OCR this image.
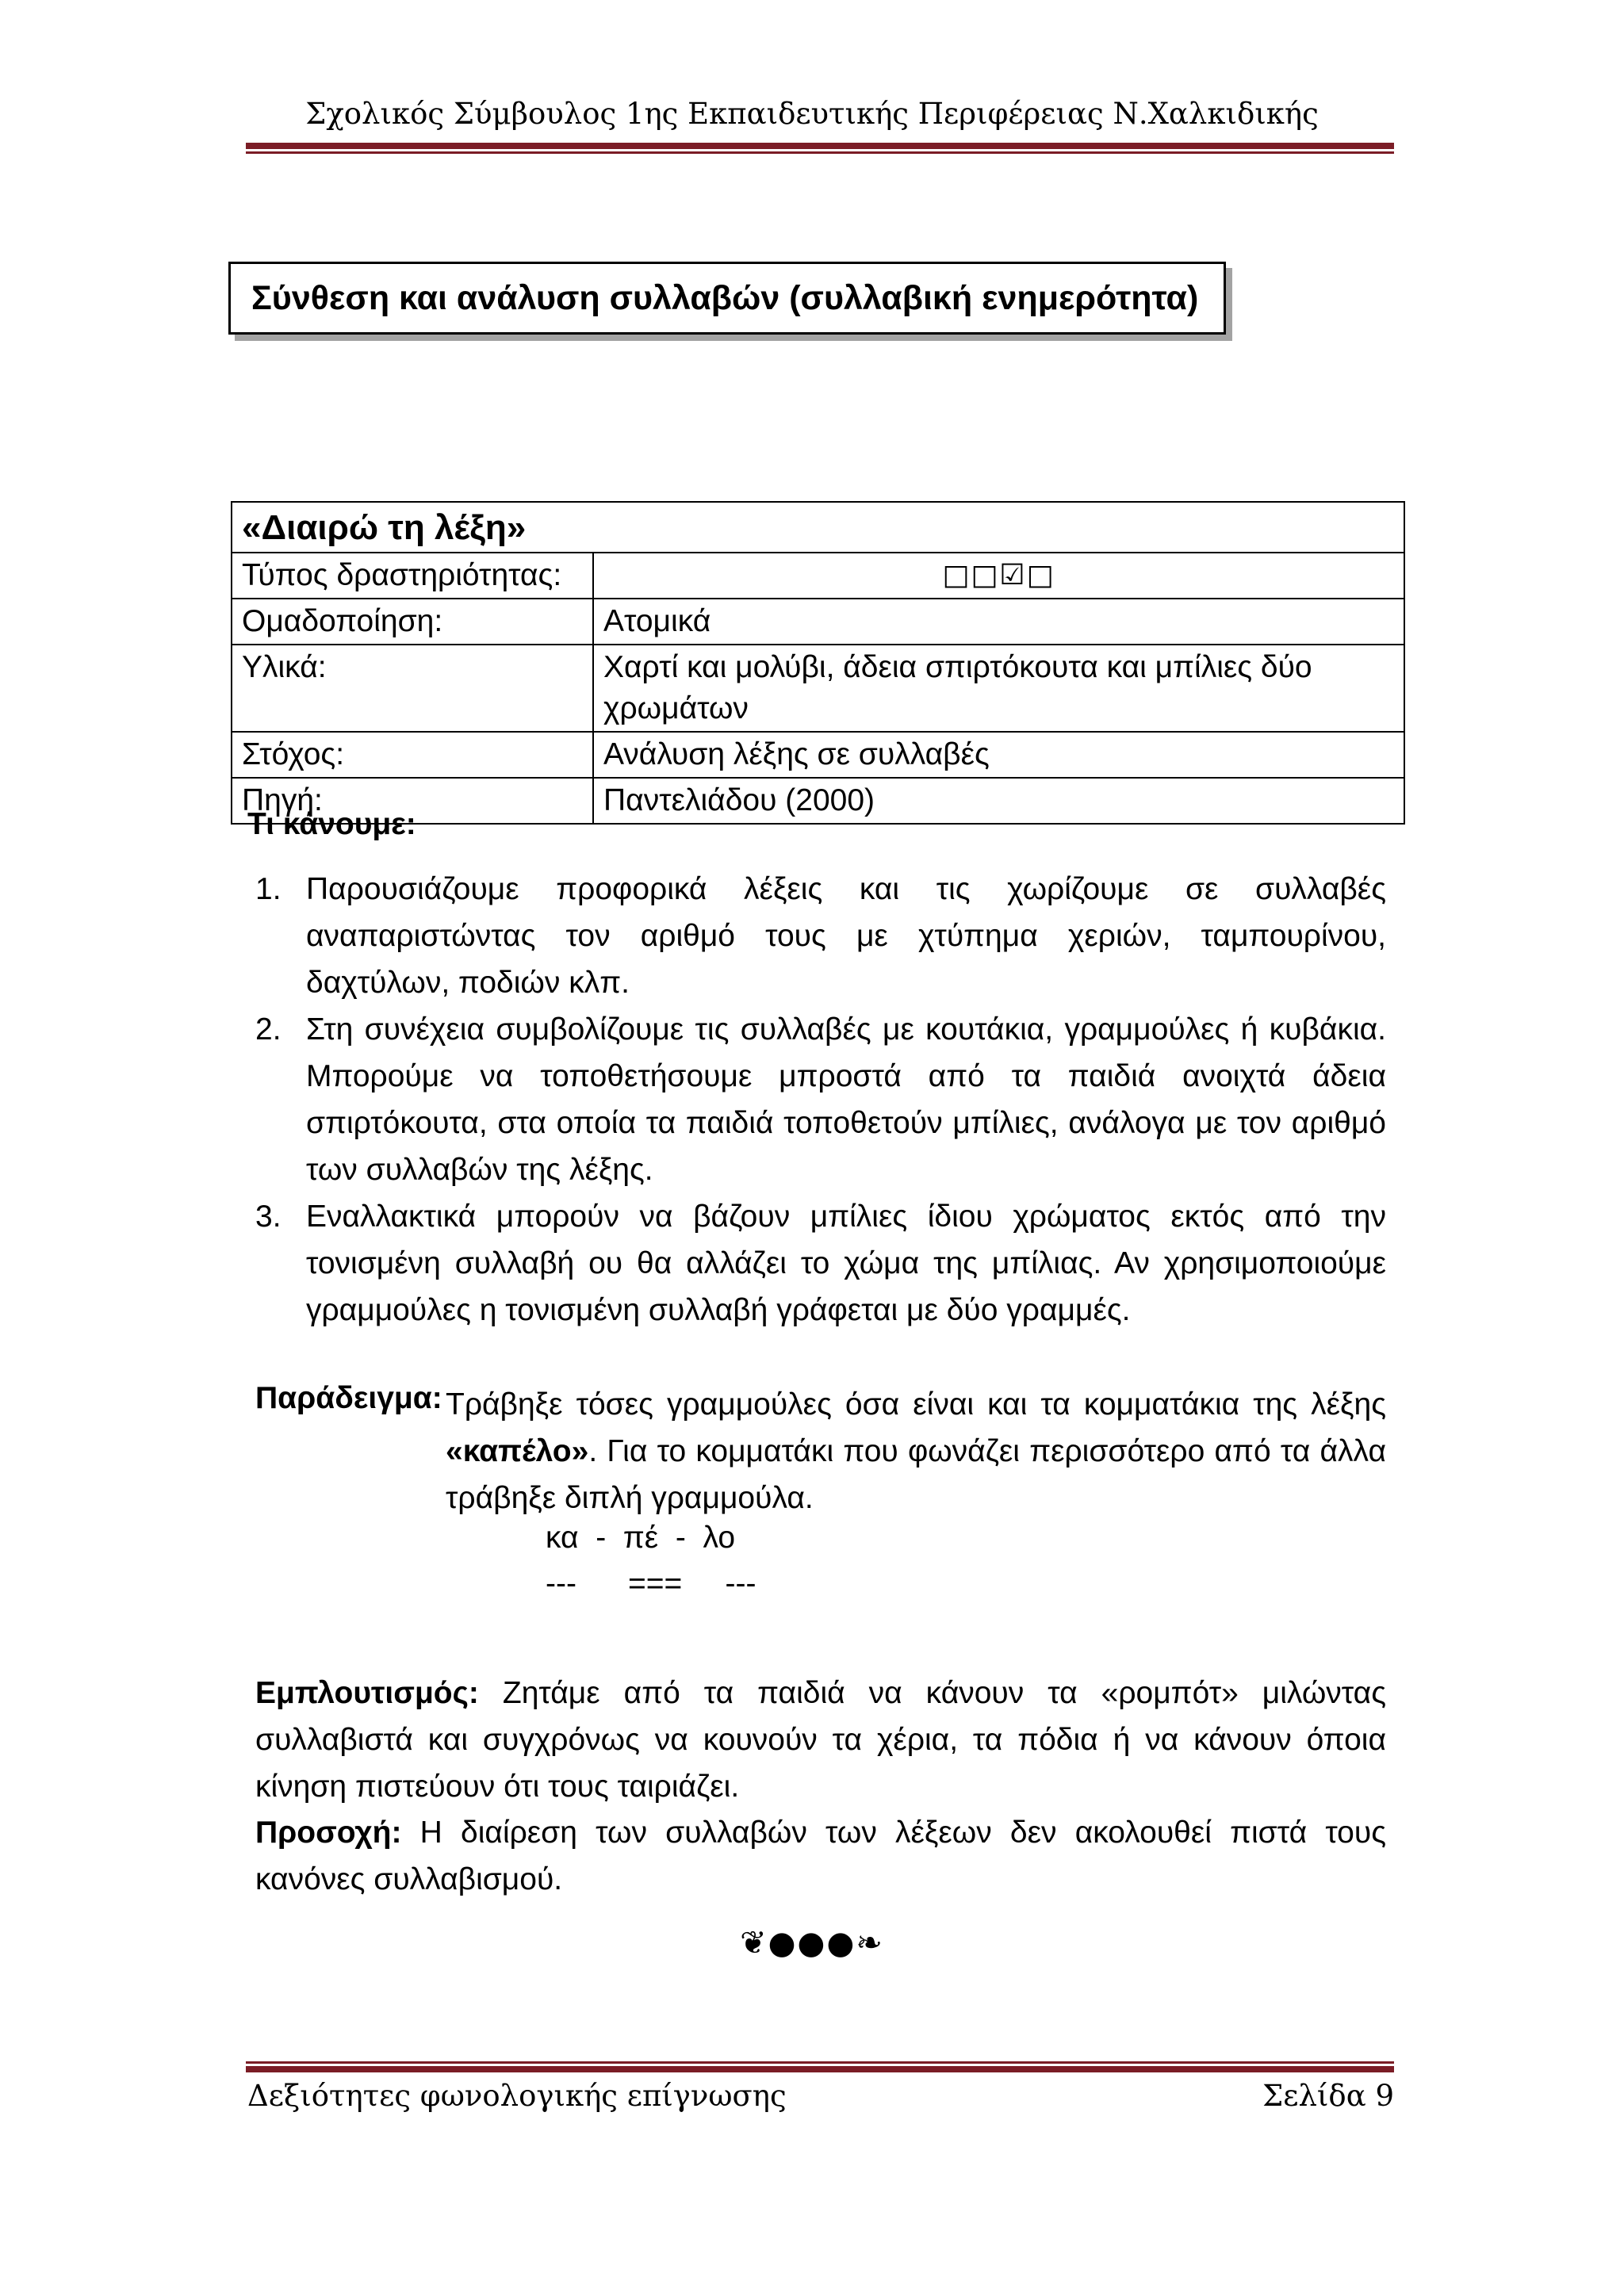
Σχολικός Σύμβουλος 1ης Εκπαιδευτικής Περιφέρειας Ν.Χαλκιδικής
Σύνθεση και ανάλυση συλλαβών (συλλαβική ενημερότητα)
«Διαιρώ τη λέξη»	
Τύπος δραστηριότητας:	□□☑□
Ομαδοποίηση:	Ατομικά
Υλικά:	Χαρτί και μολύβι, άδεια σπιρτόκουτα και μπίλιες δύο χρωμάτων
Στόχος:	Ανάλυση λέξης σε συλλαβές
Πηγή:	Παντελιάδου (2000)
Τι κάνουμε:
1. Παρουσιάζουμε προφορικά λέξεις και τις χωρίζουμε σε συλλαβές αναπαριστώντας τον αριθμό τους με χτύπημα χεριών, ταμπουρίνου, δαχτύλων, ποδιών κλπ.
2. Στη συνέχεια συμβολίζουμε τις συλλαβές με κουτάκια, γραμμούλες ή κυβάκια. Μπορούμε να τοποθετήσουμε μπροστά από τα παιδιά ανοιχτά άδεια σπιρτόκουτα, στα οποία τα παιδιά τοποθετούν μπίλιες, ανάλογα με τον αριθμό των συλλαβών της λέξης.
3. Εναλλακτικά μπορούν να βάζουν μπίλιες ίδιου χρώματος εκτός από την τονισμένη συλλαβή ου θα αλλάζει το χώμα της μπίλιας. Αν χρησιμοποιούμε γραμμούλες η τονισμένη συλλαβή γράφεται με δύο γραμμές.
Παράδειγμα: Τράβηξε τόσες γραμμούλες όσα είναι και τα κομματάκια της λέξης «καπέλο». Για το κομματάκι που φωνάζει περισσότερο από τα άλλα τράβηξε διπλή γραμμούλα.
κα  -  πέ  -  λο
---      ===     ---
Εμπλουτισμός: Ζητάμε από τα παιδιά να κάνουν τα «ρομπότ» μιλώντας συλλαβιστά και συγχρόνως να κουνούν τα χέρια, τα πόδια ή να κάνουν όποια κίνηση πιστεύουν ότι τους ταιριάζει.
Προσοχή: Η διαίρεση των συλλαβών των λέξεων δεν ακολουθεί πιστά τους κανόνες συλλαβισμού.
❦●●●❧
Δεξιότητες φωνολογικής επίγνωσης	Σελίδα 9
